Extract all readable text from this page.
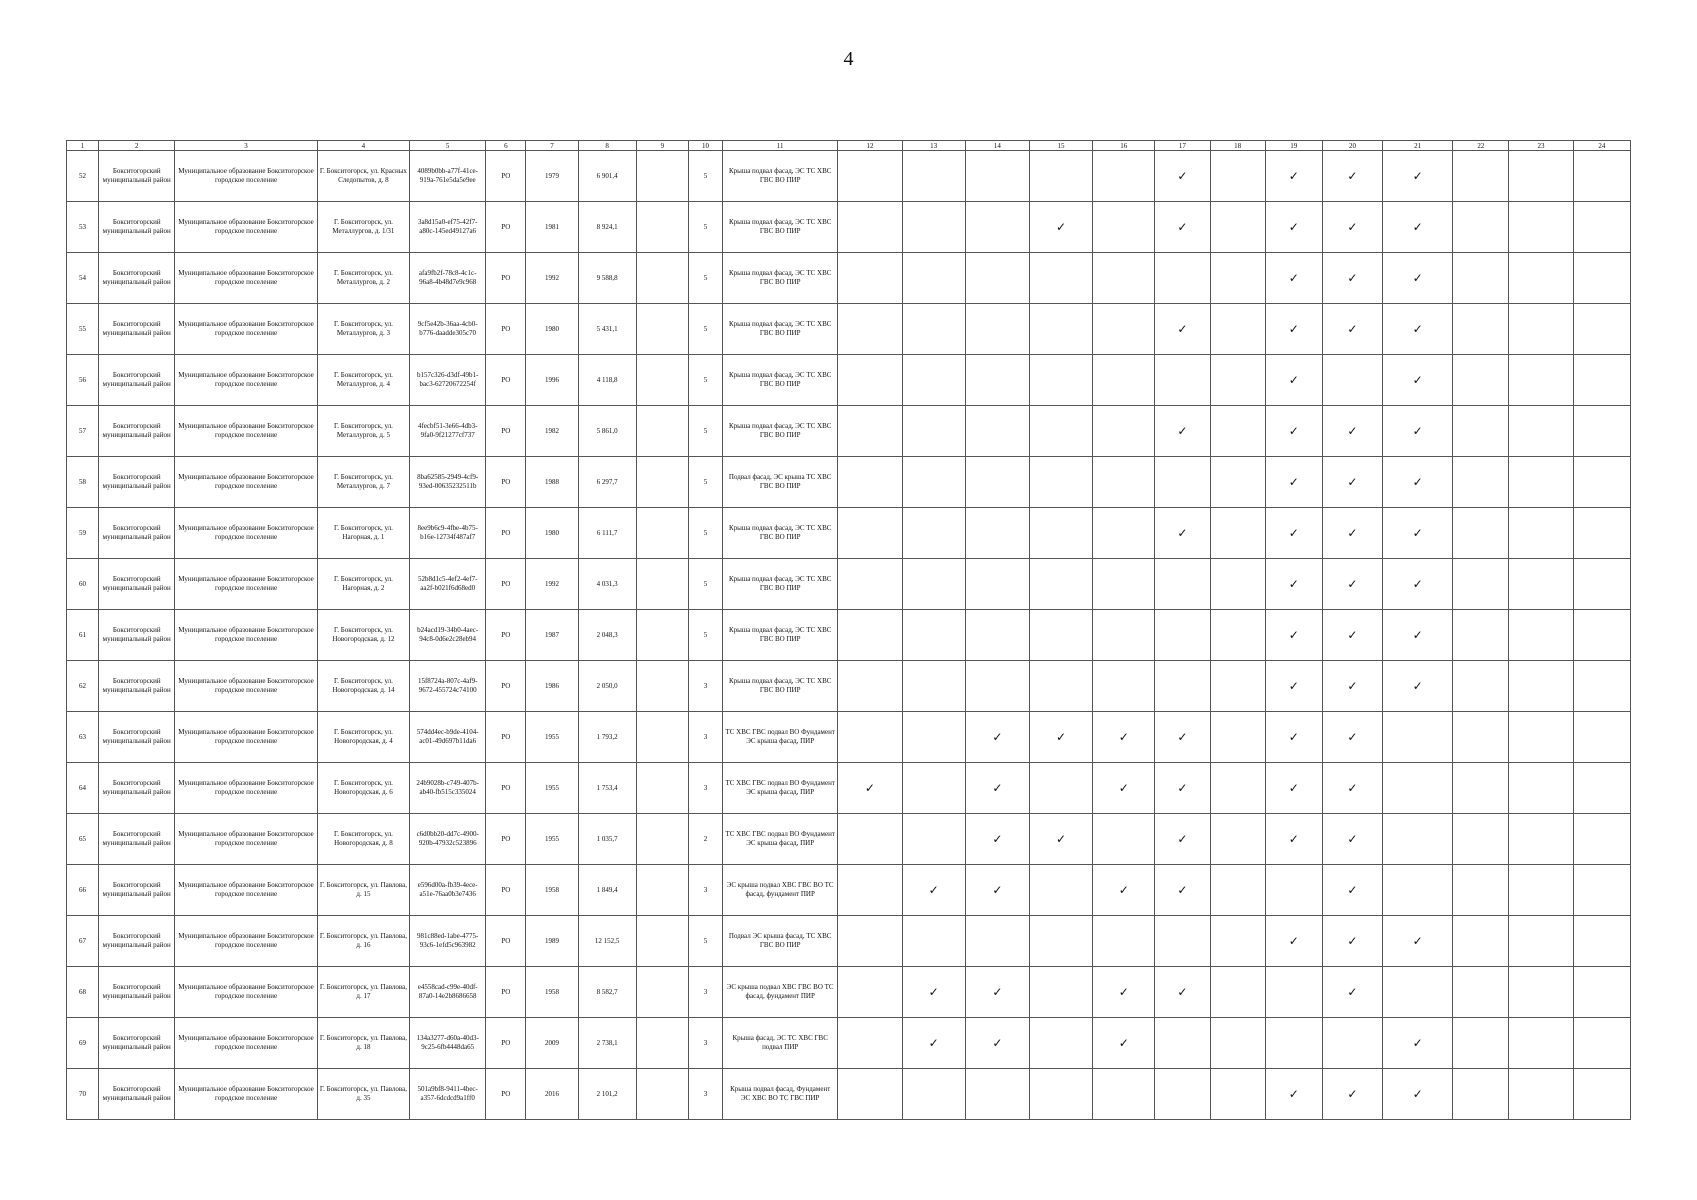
4
1	2	3	4	5	6	7	8	9	10	11	12	13	14	15	16	17	18	19	20	21	22	23	24
52	Бокситогорский муниципальный район	Муниципальное образование Бокситогорское городское поселение	Г. Бокситогорск, ул. Красных Следопытов, д. 8	4089b0bb-a77f-41ce-919a-761e5da5e9ee	РО	1979	6 901,4		5	Крыша подвал фасад, ЭС ТС ХВС ГВС ВО ПИР						✓		✓	✓	✓			
53	Бокситогорский муниципальный район	Муниципальное образование Бокситогорское городское поселение	Г. Бокситогорск, ул. Металлургов, д. 1/31	3a8d15a0-ef75-42f7-a80c-145ed49127a6	РО	1981	8 924,1		5	Крыша подвал фасад, ЭС ТС ХВС ГВС ВО ПИР				✓		✓		✓	✓	✓			
54	Бокситогорский муниципальный район	Муниципальное образование Бокситогорское городское поселение	Г. Бокситогорск, ул. Металлургов, д. 2	afa9fb2f-78c8-4c1c-96a8-4b48d7e9c968	РО	1992	9 588,8		5	Крыша подвал фасад, ЭС ТС ХВС ГВС ВО ПИР								✓	✓	✓			
55	Бокситогорский муниципальный район	Муниципальное образование Бокситогорское городское поселение	Г. Бокситогорск, ул. Металлургов, д. 3	9cf5e42b-36aa-4cb0-b776-daadde305c70	РО	1980	5 431,1		5	Крыша подвал фасад, ЭС ТС ХВС ГВС ВО ПИР						✓		✓	✓	✓			
56	Бокситогорский муниципальный район	Муниципальное образование Бокситогорское городское поселение	Г. Бокситогорск, ул. Металлургов, д. 4	b157c326-d3df-49b1-bac3-62720672254f	РО	1996	4 118,8		5	Крыша подвал фасад, ЭС ТС ХВС ГВС ВО ПИР								✓		✓			
57	Бокситогорский муниципальный район	Муниципальное образование Бокситогорское городское поселение	Г. Бокситогорск, ул. Металлургов, д. 5	4fecbf51-3e66-4db3-9fa0-9f21277cf737	РО	1982	5 861,0		5	Крыша подвал фасад, ЭС ТС ХВС ГВС ВО ПИР						✓		✓	✓	✓			
58	Бокситогорский муниципальный район	Муниципальное образование Бокситогорское городское поселение	Г. Бокситогорск, ул. Металлургов, д. 7	8ba62585-2949-4cf9-93ed-00635232511b	РО	1988	6 297,7		5	Подвал фасад, ЭС крыша ТС ХВС ГВС ВО ПИР								✓	✓	✓			
59	Бокситогорский муниципальный район	Муниципальное образование Бокситогорское городское поселение	Г. Бокситогорск, ул. Нагорная, д. 1	8ee9b6c9-4fbe-4b75-b16e-12734f487af7	РО	1980	6 111,7		5	Крыша подвал фасад, ЭС ТС ХВС ГВС ВО ПИР						✓		✓	✓	✓			
60	Бокситогорский муниципальный район	Муниципальное образование Бокситогорское городское поселение	Г. Бокситогорск, ул. Нагорная, д. 2	52b8d1c5-4ef2-4ef7-aa2f-b021f6d68ed0	РО	1992	4 031,3		5	Крыша подвал фасад, ЭС ТС ХВС ГВС ВО ПИР								✓	✓	✓			
61	Бокситогорский муниципальный район	Муниципальное образование Бокситогорское городское поселение	Г. Бокситогорск, ул. Новогородская, д. 12	b24acd19-34b0-4aec-94c8-0d6e2c28eb94	РО	1987	2 048,3		5	Крыша подвал фасад, ЭС ТС ХВС ГВС ВО ПИР								✓	✓	✓			
62	Бокситогорский муниципальный район	Муниципальное образование Бокситогорское городское поселение	Г. Бокситогорск, ул. Новогородская, д. 14	15f8724a-807c-4af9-9672-455724c74100	РО	1986	2 050,0		3	Крыша подвал фасад, ЭС ТС ХВС ГВС ВО ПИР								✓	✓	✓			
63	Бокситогорский муниципальный район	Муниципальное образование Бокситогорское городское поселение	Г. Бокситогорск, ул. Новогородская, д. 4	574dd4ec-b9de-4104-ac01-49d697b11da6	РО	1955	1 793,2		3	ТС ХВС ГВС подвал ВО Фундамент ЭС крыша фасад, ПИР			✓	✓	✓	✓		✓	✓				
64	Бокситогорский муниципальный район	Муниципальное образование Бокситогорское городское поселение	Г. Бокситогорск, ул. Новогородская, д. 6	24b9028b-c749-407b-ab40-fb515c335024	РО	1955	1 753,4		3	ТС ХВС ГВС подвал ВО Фундамент ЭС крыша фасад, ПИР	✓		✓		✓	✓		✓	✓				
65	Бокситогорский муниципальный район	Муниципальное образование Бокситогорское городское поселение	Г. Бокситогорск, ул. Новогородская, д. 8	c6d0bb20-dd7c-4900-920b-47932c523896	РО	1955	1 035,7		2	ТС ХВС ГВС подвал ВО Фундамент ЭС крыша фасад, ПИР			✓	✓		✓		✓	✓				
66	Бокситогорский муниципальный район	Муниципальное образование Бокситогорское городское поселение	Г. Бокситогорск, ул. Павлова, д. 15	e596d00a-fb39-4ece-a51e-76aa0b3e7436	РО	1958	1 849,4		3	ЭС крыша подвал ХВС ГВС ВО ТС фасад, фундамент ПИР		✓	✓		✓	✓			✓				
67	Бокситогорский муниципальный район	Муниципальное образование Бокситогорское городское поселение	Г. Бокситогорск, ул. Павлова, д. 16	981c88ed-1abe-4775-93c6-1efd5c963982	РО	1989	12 152,5		5	Подвал ЭС крыша фасад, ТС ХВС ГВС ВО ПИР								✓	✓	✓			
68	Бокситогорский муниципальный район	Муниципальное образование Бокситогорское городское поселение	Г. Бокситогорск, ул. Павлова, д. 17	e4558cad-c99e-40df-87a0-14e2b8686658	РО	1958	8 582,7		3	ЭС крыша подвал ХВС ГВС ВО ТС фасад, фундамент ПИР		✓	✓		✓	✓			✓				
69	Бокситогорский муниципальный район	Муниципальное образование Бокситогорское городское поселение	Г. Бокситогорск, ул. Павлова, д. 18	134a3277-d60a-40d3-9c25-6fb4448da65	РО	2009	2 738,1		3	Крыша фасад, ЭС ТС ХВС ГВС подвал ПИР		✓	✓		✓					✓			
70	Бокситогорский муниципальный район	Муниципальное образование Бокситогорское городское поселение	Г. Бокситогорск, ул. Павлова, д. 35	501a9bf8-9411-4bec-a357-6dcdcd9a1ff0	РО	2016	2 101,2		3	Крыша подвал фасад, Фундамент ЭС ХВС ВО ТС ГВС ПИР								✓	✓	✓			
